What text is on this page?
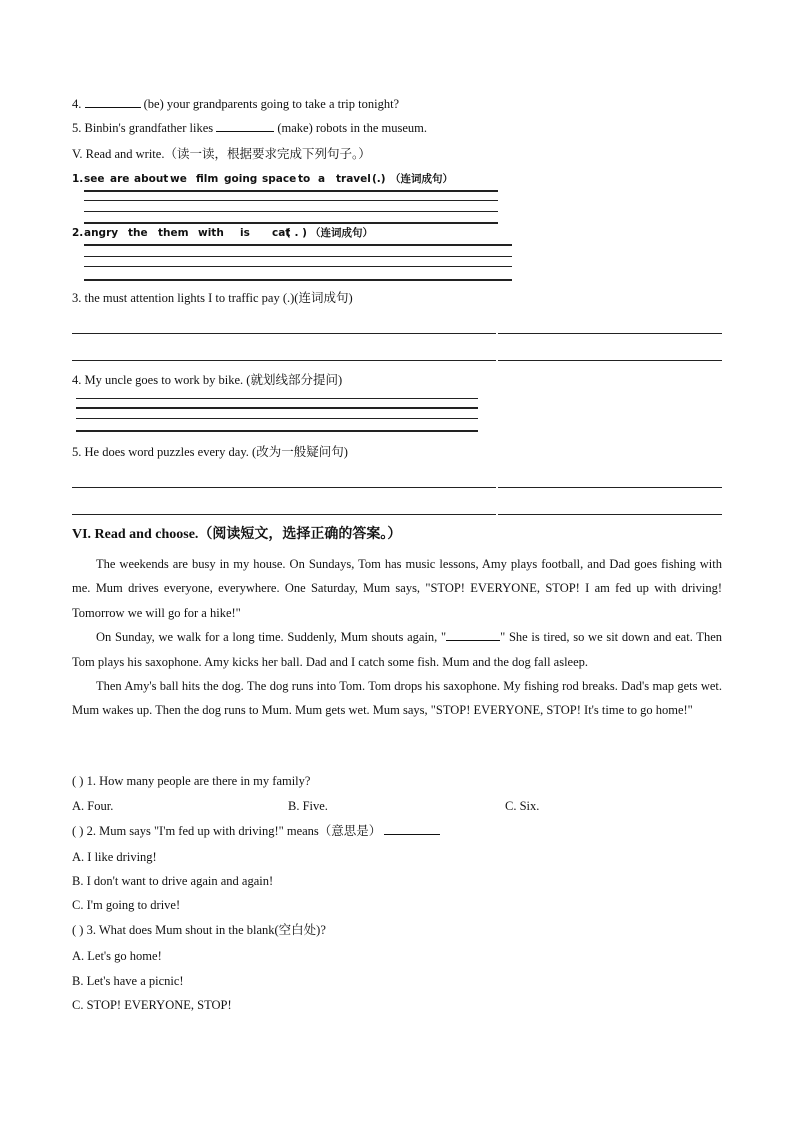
4.	(be) your grandparents going to take a trip tonight?
5. Binbin's grandfather likes	(make) robots in the museum.
V. Read and write.（读一读，根据要求完成下列句子。）
1. see are about we film going space to a travel (.) （连词成句）
2. angry the them with is cat
( . ) （连词成句）
3. the must attention lights I to traffic pay (.)(连词成句)
4. My uncle goes to work by bike. (就划线部分提问)
5. He does word puzzles every day. (改为一般疑问句)
VI. Read and choose.（阅读短文，选择正确的答案。）

The weekends are busy in my house. On Sundays, Tom has music lessons, Amy plays football, and Dad goes fishing with me. Mum drives everyone, everywhere. One Saturday, Mum says, "STOP! EVERYONE, STOP! I am fed up with driving! Tomorrow we will go for a hike!"

On Sunday, we walk for a long time. Suddenly, Mum shouts again, "	" She is tired, so we sit down and eat. Then Tom plays his saxophone. Amy kicks her ball. Dad and I catch some fish. Mum and the dog fall asleep.

Then Amy's ball hits the dog. The dog runs into Tom. Tom drops his saxophone. My fishing rod breaks. Dad's map gets wet. Mum wakes up. Then the dog runs to Mum. Mum gets wet. Mum says, "STOP! EVERYONE, STOP! It's time to go home!"

( ) 1. How many people are there in my family?
A. Four.	B. Five.	C. Six.
( ) 2. Mum says "I'm fed up with driving!" means（意思是）
A. I like driving!
B. I don't want to drive again and again!
C. I'm going to drive!
( ) 3. What does Mum shout in the blank(空白处)?
A. Let's go home!
B. Let's have a picnic!
C. STOP! EVERYONE, STOP!
